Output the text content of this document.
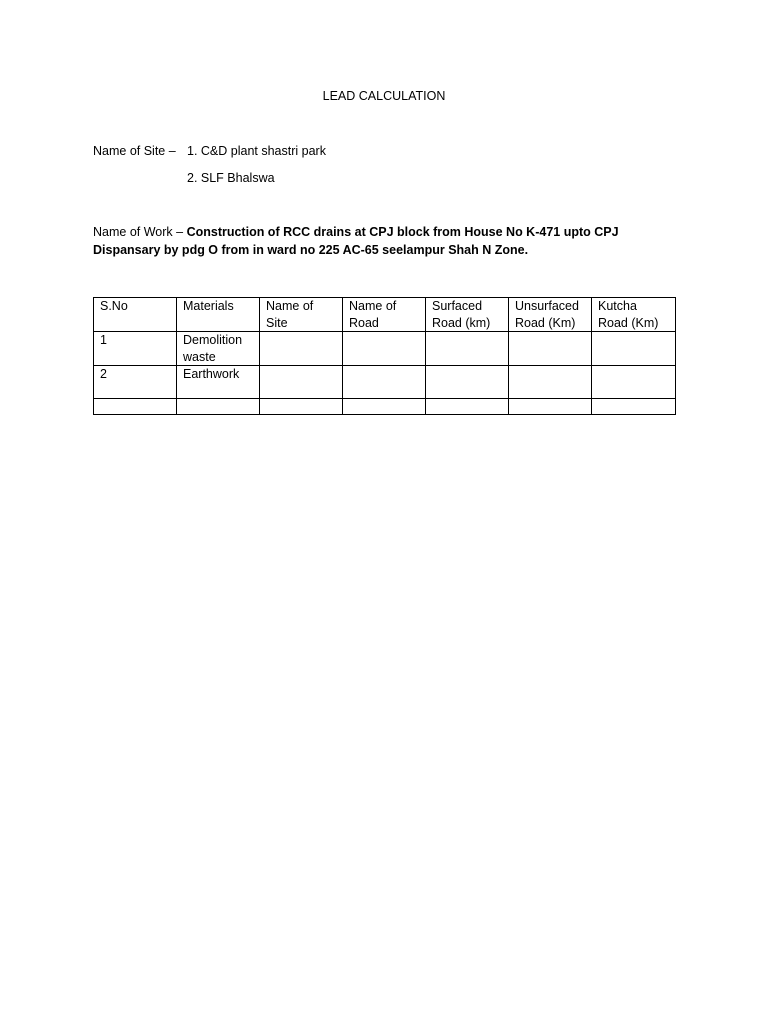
LEAD CALCULATION
Name of Site – 1. C&D plant shastri park
2. SLF Bhalswa
Name of Work – Construction of RCC drains at CPJ block from House No K-471 upto CPJ Dispansary by pdg O from in ward no 225 AC-65 seelampur Shah N Zone.
S.No	Materials	Name of Site	Name of Road	Surfaced Road (km)	Unsurfaced Road (Km)	Kutcha Road (Km)
1	Demolition waste					
2	Earthwork					
